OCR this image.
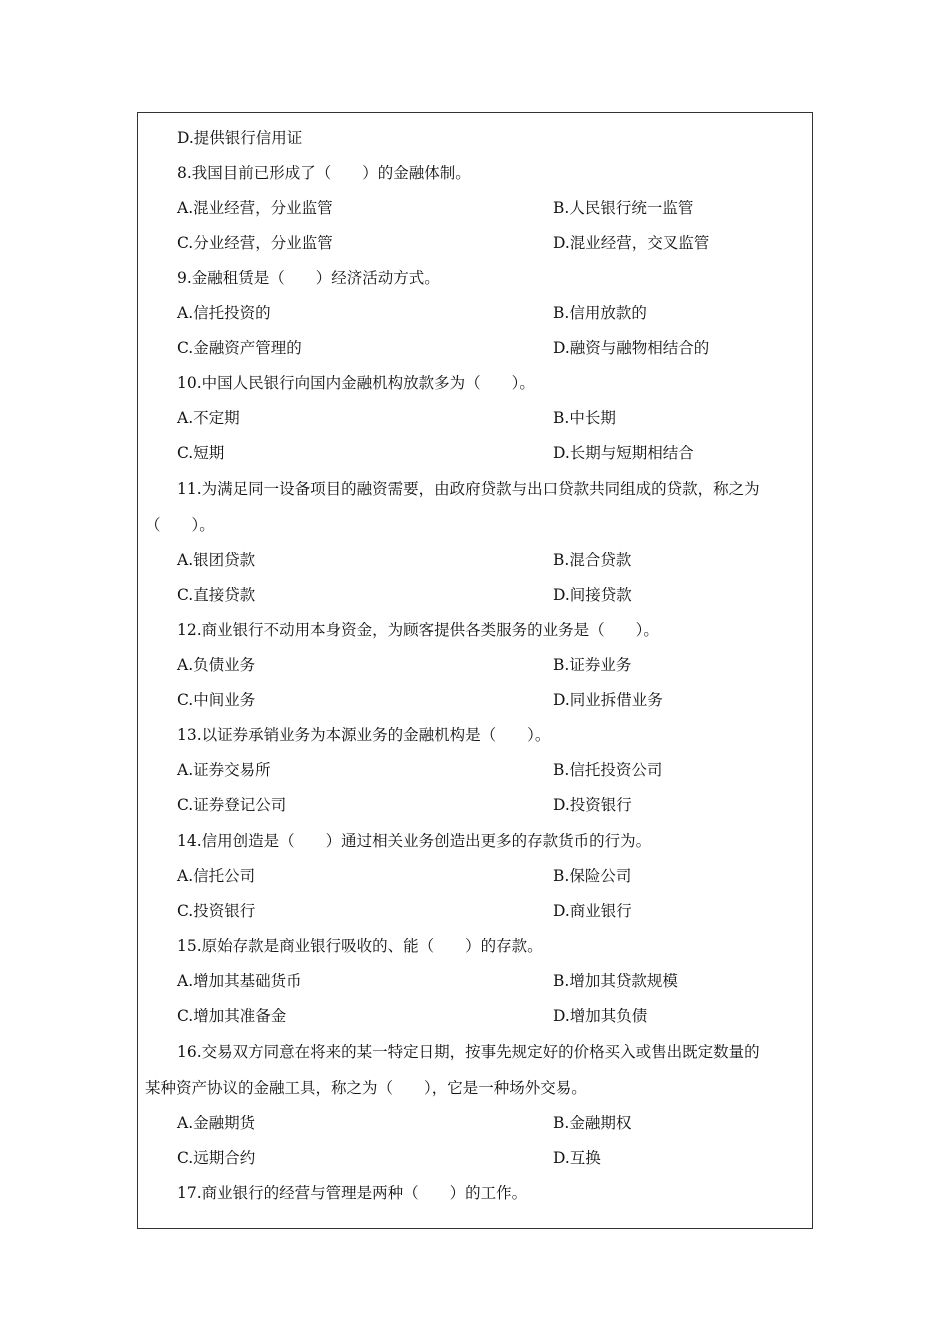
D.提供银行信用证
8.我国目前已形成了（　　）的金融体制。
A.混业经营，分业监管	B.人民银行统一监管
C.分业经营，分业监管	D.混业经营，交叉监管
9.金融租赁是（　　）经济活动方式。
A.信托投资的	B.信用放款的
C.金融资产管理的	D.融资与融物相结合的
10.中国人民银行向国内金融机构放款多为（　　）。
A.不定期	B.中长期
C.短期	D.长期与短期相结合
11.为满足同一设备项目的融资需要，由政府贷款与出口贷款共同组成的贷款，称之为
（　　）。
A.银团贷款	B.混合贷款
C.直接贷款	D.间接贷款
12.商业银行不动用本身资金，为顾客提供各类服务的业务是（　　）。
A.负债业务	B.证券业务
C.中间业务	D.同业拆借业务
13.以证券承销业务为本源业务的金融机构是（　　）。
A.证券交易所	B.信托投资公司
C.证券登记公司	D.投资银行
14.信用创造是（　　）通过相关业务创造出更多的存款货币的行为。
A.信托公司	B.保险公司
C.投资银行	D.商业银行
15.原始存款是商业银行吸收的、能（　　）的存款。
A.增加其基础货币	B.增加其贷款规模
C.增加其准备金	D.增加其负债
16.交易双方同意在将来的某一特定日期，按事先规定好的价格买入或售出既定数量的
某种资产协议的金融工具，称之为（　　），它是一种场外交易。
A.金融期货	B.金融期权
C.远期合约	D.互换
17.商业银行的经营与管理是两种（　　）的工作。
